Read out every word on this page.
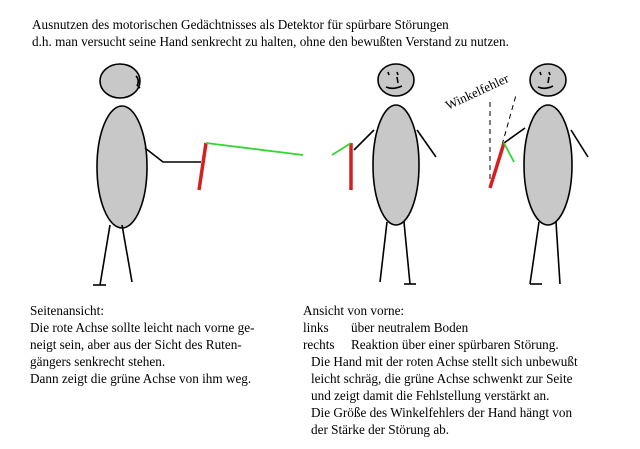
Ausnutzen des motorischen Gedächtnisses als Detektor für spürbare Störungen
d.h. man versucht seine Hand senkrecht zu halten, ohne den bewußten Verstand zu nutzen.
Winkelfehler
Seitenansicht:
Die rote Achse sollte leicht nach vorne ge-
neigt sein, aber aus der Sicht des Ruten-
gängers senkrecht stehen.
Dann zeigt die grüne Achse von ihm weg.
Ansicht von vorne:
links über neutralem Boden
rechts Reaktion über einer spürbaren Störung.
Die Hand mit der roten Achse stellt sich unbewußt
leicht schräg, die grüne Achse schwenkt zur Seite
und zeigt damit die Fehlstellung verstärkt an.
Die Größe des Winkelfehlers der Hand hängt von
der Stärke der Störung ab.
